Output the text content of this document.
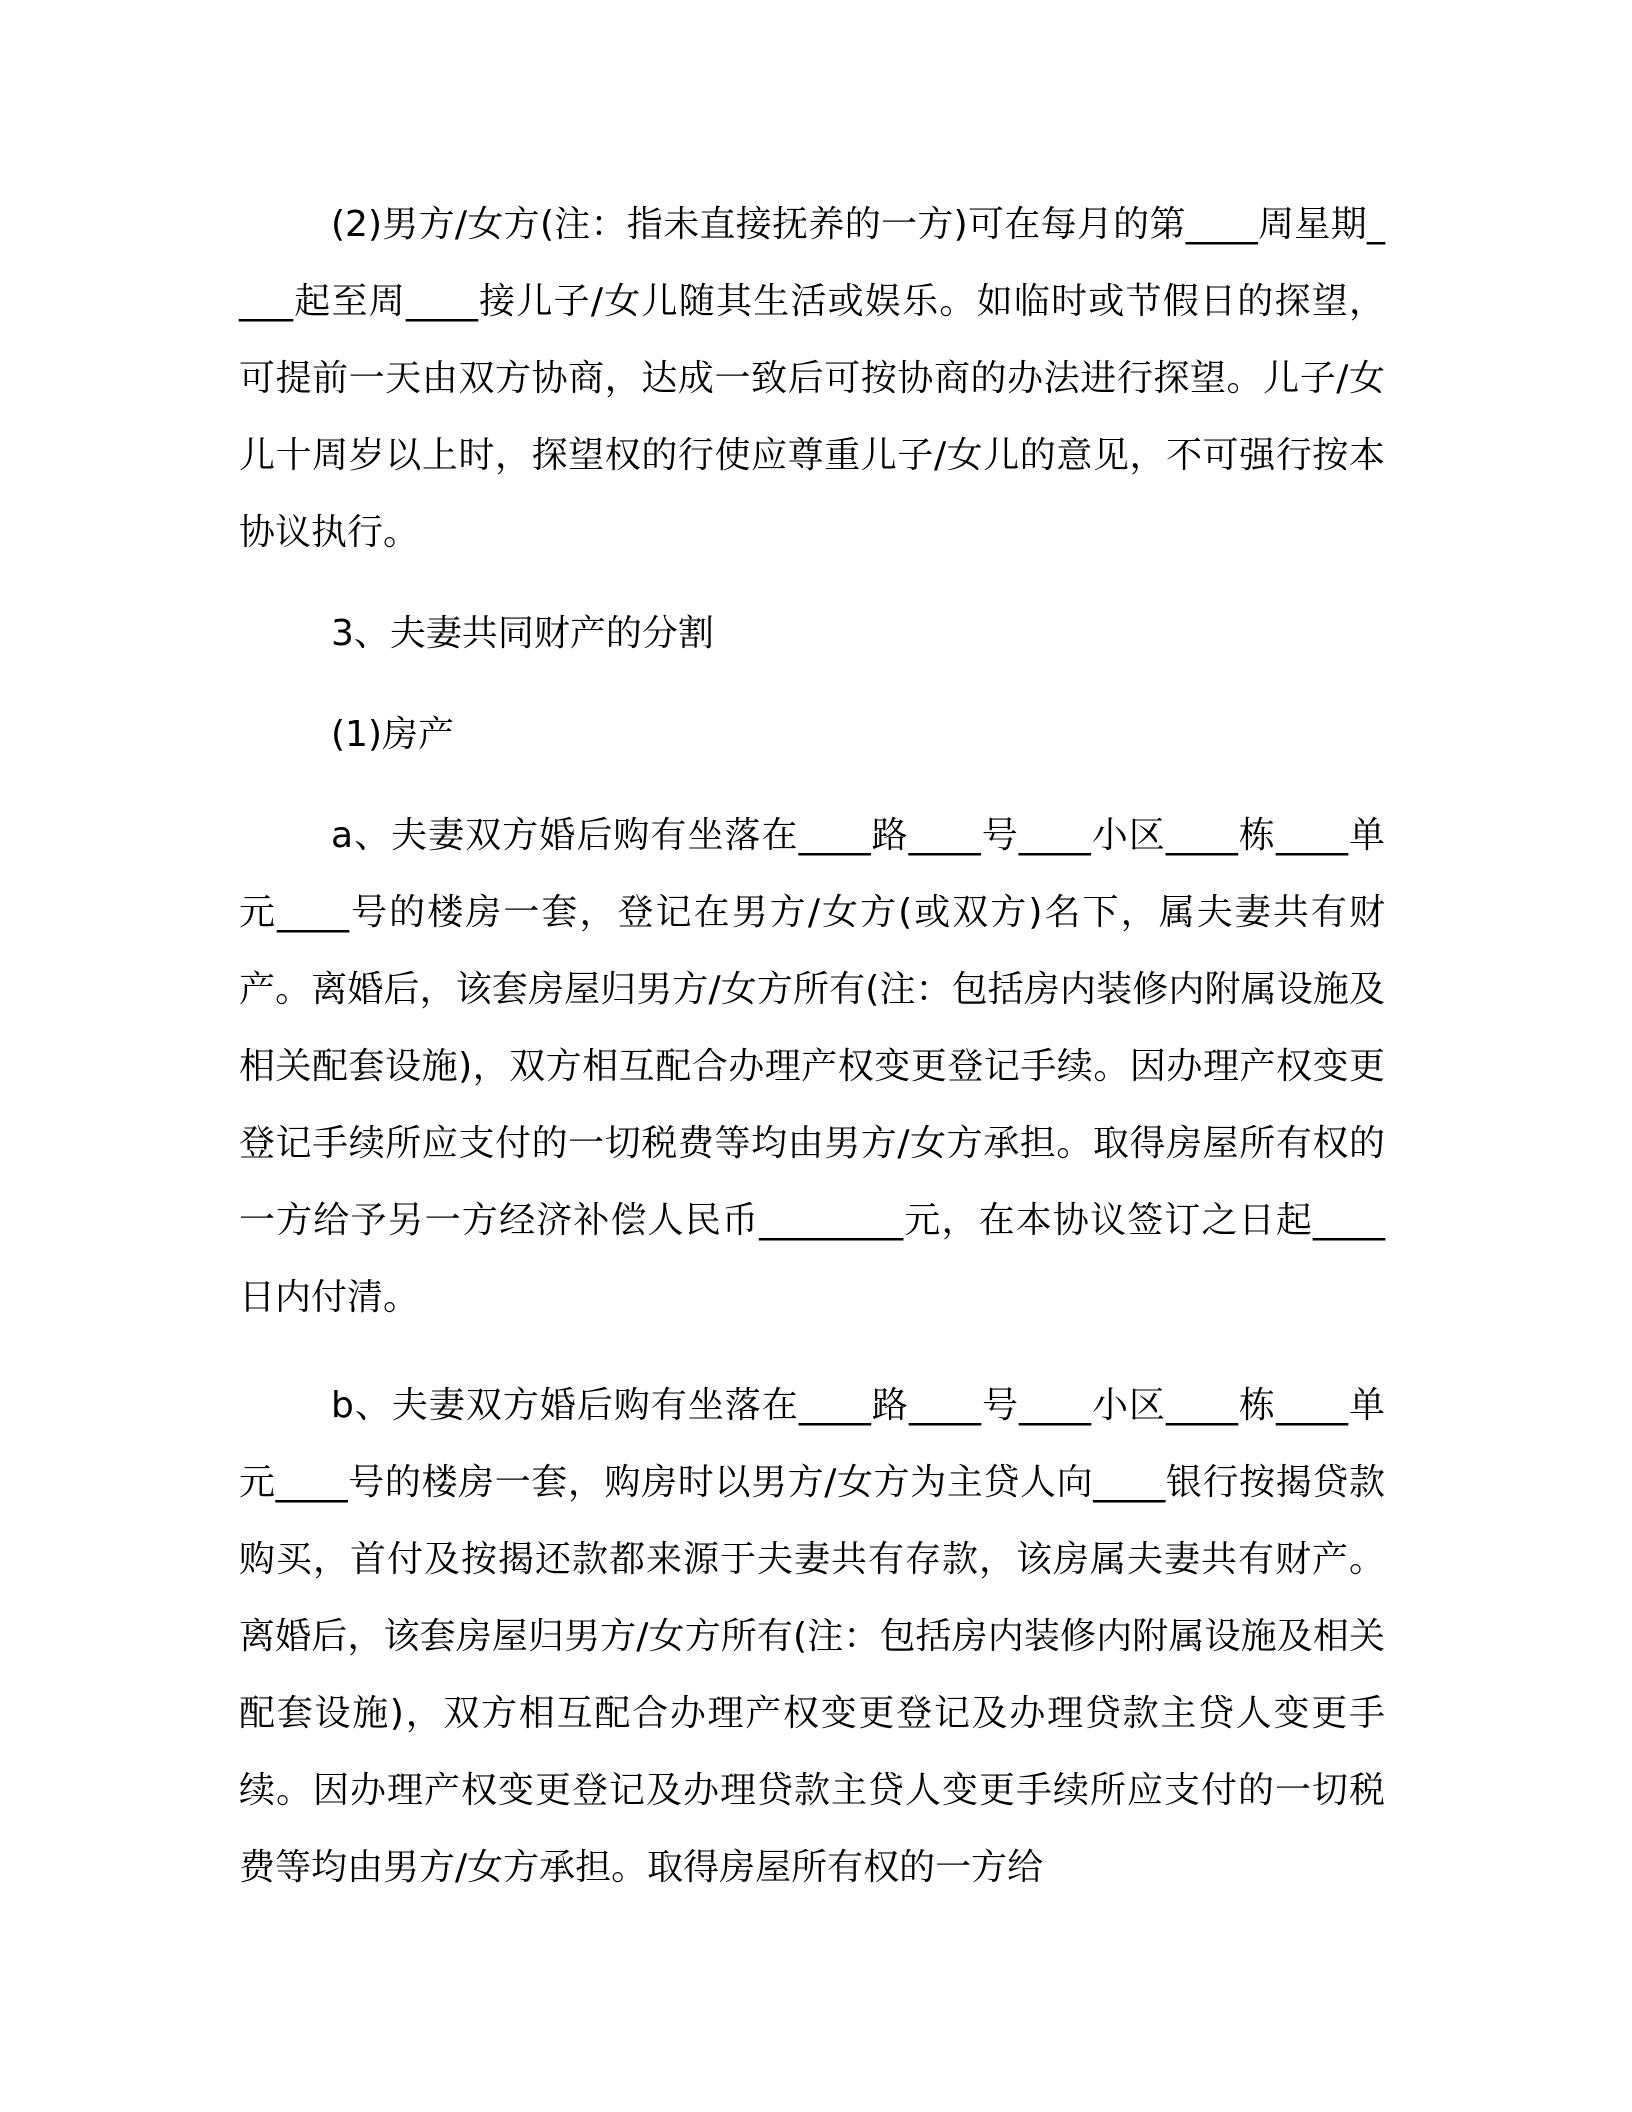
(2)男方/女方(注：指未直接抚养的一方)可在每月的第____周星期____起至周____接儿子/女儿随其生活或娱乐。如临时或节假日的探望，可提前一天由双方协商，达成一致后可按协商的办法进行探望。儿子/女儿十周岁以上时，探望权的行使应尊重儿子/女儿的意见，不可强行按本协议执行。

3、夫妻共同财产的分割

(1)房产

a、夫妻双方婚后购有坐落在____路____号____小区____栋____单元____号的楼房一套，登记在男方/女方(或双方)名下，属夫妻共有财产。离婚后，该套房屋归男方/女方所有(注：包括房内装修内附属设施及相关配套设施)，双方相互配合办理产权变更登记手续。因办理产权变更登记手续所应支付的一切税费等均由男方/女方承担。取得房屋所有权的一方给予另一方经济补偿人民币________元，在本协议签订之日起____日内付清。

b、夫妻双方婚后购有坐落在____路____号____小区____栋____单元____号的楼房一套，购房时以男方/女方为主贷人向____银行按揭贷款购买，首付及按揭还款都来源于夫妻共有存款，该房属夫妻共有财产。离婚后，该套房屋归男方/女方所有(注：包括房内装修内附属设施及相关配套设施)，双方相互配合办理产权变更登记及办理贷款主贷人变更手续。因办理产权变更登记及办理贷款主贷人变更手续所应支付的一切税费等均由男方/女方承担。取得房屋所有权的一方给
